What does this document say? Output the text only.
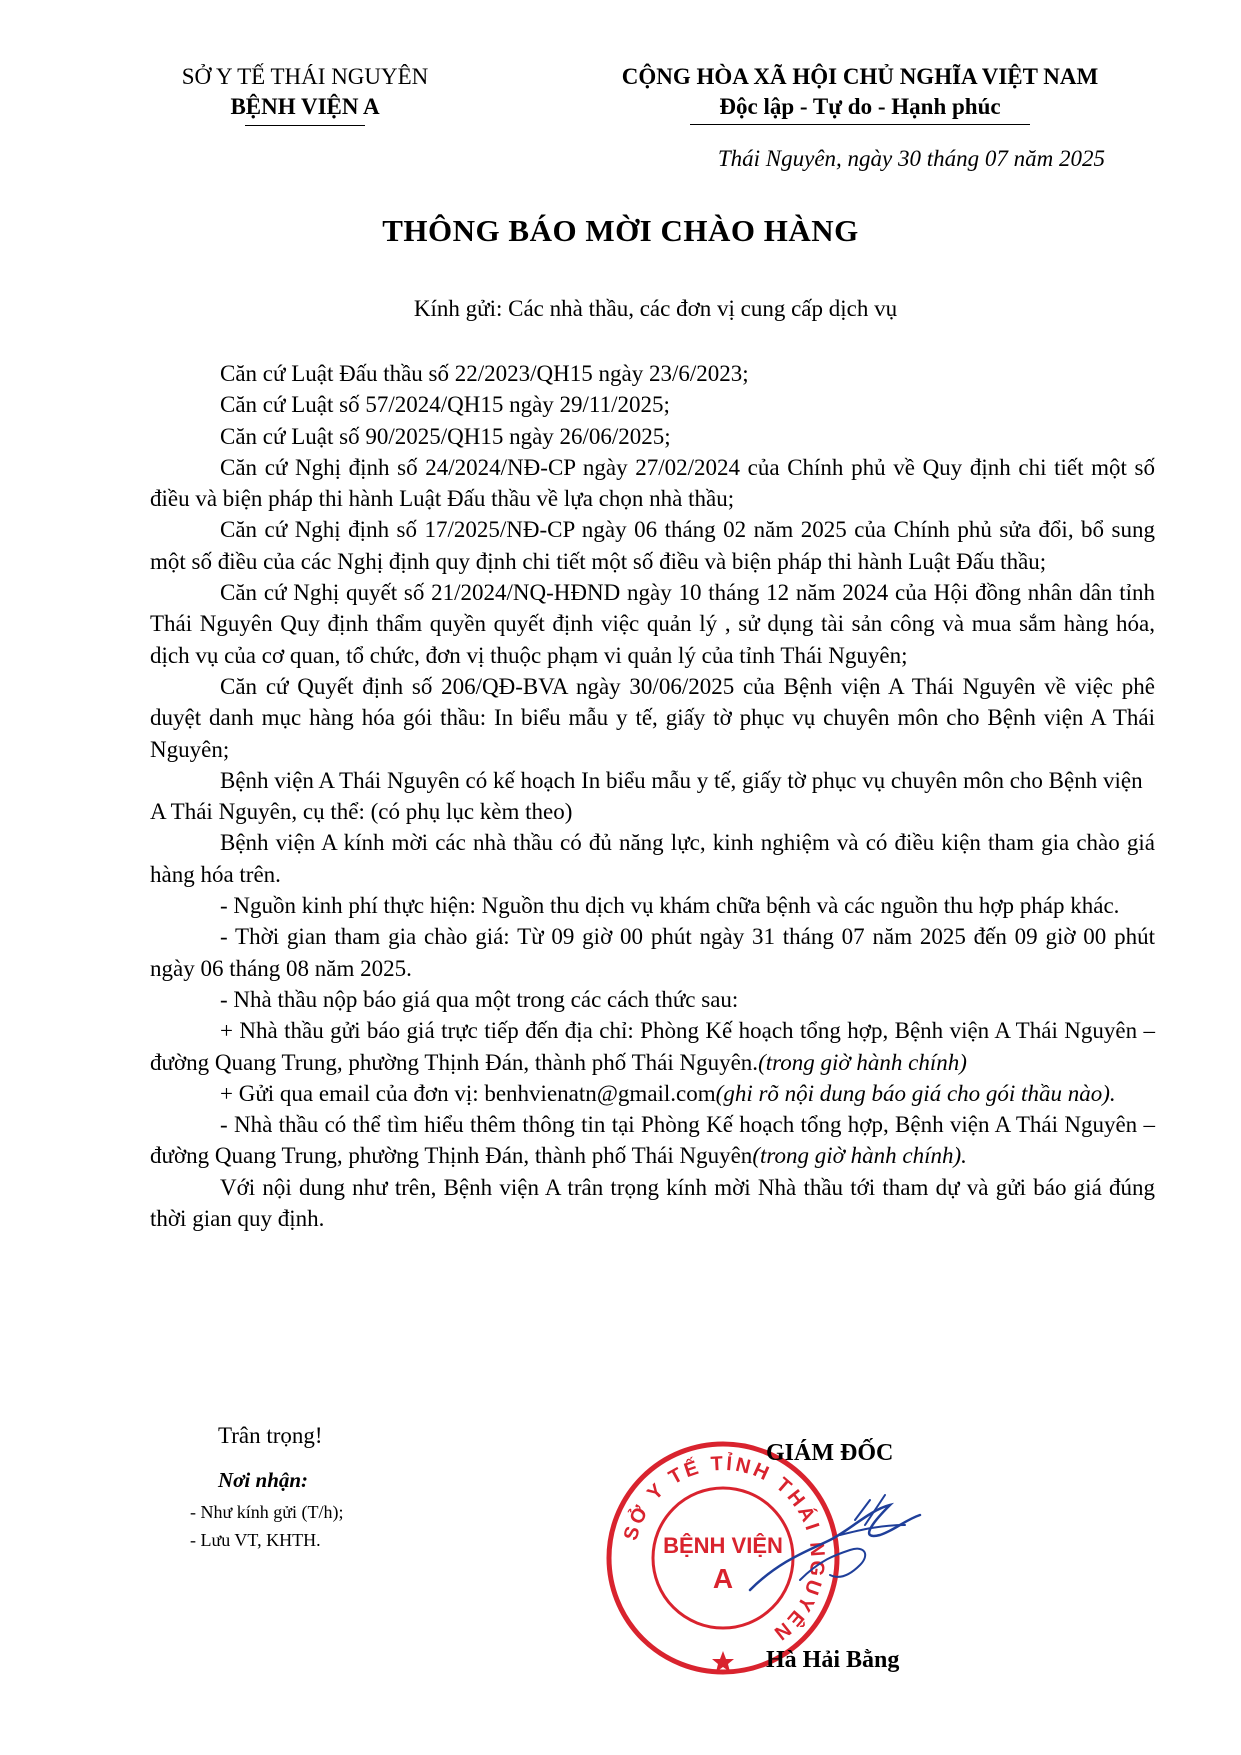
SỞ Y TẾ THÁI NGUYÊN
BỆNH VIỆN A
CỘNG HÒA XÃ HỘI CHỦ NGHĨA VIỆT NAM
Độc lập - Tự do - Hạnh phúc
Thái Nguyên, ngày 30 tháng 07 năm 2025
THÔNG BÁO MỜI CHÀO HÀNG
Kính gửi: Các nhà thầu, các đơn vị cung cấp dịch vụ

Căn cứ Luật Đấu thầu số 22/2023/QH15 ngày 23/6/2023;

Căn cứ Luật số 57/2024/QH15 ngày 29/11/2025;

Căn cứ Luật số 90/2025/QH15 ngày 26/06/2025;

Căn cứ Nghị định số 24/2024/NĐ-CP ngày 27/02/2024 của Chính phủ về Quy định chi tiết một số điều và biện pháp thi hành Luật Đấu thầu về lựa chọn nhà thầu;

Căn cứ Nghị định số 17/2025/NĐ-CP ngày 06 tháng 02 năm 2025 của Chính phủ sửa đổi, bổ sung một số điều của các Nghị định quy định chi tiết một số điều và biện pháp thi hành Luật Đấu thầu;

Căn cứ Nghị quyết số 21/2024/NQ-HĐND ngày 10 tháng 12 năm 2024 của Hội đồng nhân dân tỉnh Thái Nguyên Quy định thẩm quyền quyết định việc quản lý , sử dụng tài sản công và mua sắm hàng hóa, dịch vụ của cơ quan, tổ chức, đơn vị thuộc phạm vi quản lý của tỉnh Thái Nguyên;

Căn cứ Quyết định số 206/QĐ-BVA ngày 30/06/2025 của Bệnh viện A Thái Nguyên về việc phê duyệt danh mục hàng hóa gói thầu: In biểu mẫu y tế, giấy tờ phục vụ chuyên môn cho Bệnh viện A Thái Nguyên;

Bệnh viện A Thái Nguyên có kế hoạch In biểu mẫu y tế, giấy tờ phục vụ chuyên môn cho Bệnh viện A Thái Nguyên, cụ thể: (có phụ lục kèm theo)

Bệnh viện A kính mời các nhà thầu có đủ năng lực, kinh nghiệm và có điều kiện tham gia chào giá hàng hóa trên.

- Nguồn kinh phí thực hiện: Nguồn thu dịch vụ khám chữa bệnh và các nguồn thu hợp pháp khác.

- Thời gian tham gia chào giá: Từ 09 giờ 00 phút ngày 31 tháng 07 năm 2025 đến 09 giờ 00 phút ngày 06 tháng 08 năm 2025.

- Nhà thầu nộp báo giá qua một trong các cách thức sau:

+ Nhà thầu gửi báo giá trực tiếp đến địa chỉ: Phòng Kế hoạch tổng hợp, Bệnh viện A Thái Nguyên – đường Quang Trung, phường Thịnh Đán, thành phố Thái Nguyên.(trong giờ hành chính)

+ Gửi qua email của đơn vị: benhvienatn@gmail.com(ghi rõ nội dung báo giá cho gói thầu nào).

- Nhà thầu có thể tìm hiểu thêm thông tin tại Phòng Kế hoạch tổng hợp, Bệnh viện A Thái Nguyên – đường Quang Trung, phường Thịnh Đán, thành phố Thái Nguyên(trong giờ hành chính).

Với nội dung như trên, Bệnh viện A trân trọng kính mời Nhà thầu tới tham dự và gửi báo giá đúng thời gian quy định.

Trân trọng!
Nơi nhận:
- Như kính gửi (T/h);
- Lưu VT, KHTH.	SỞ Y TẾ TỈNH THÁI NGUYÊN
BỆNH VIỆN
A
GIÁM ĐỐC
Hà Hải Bằng
